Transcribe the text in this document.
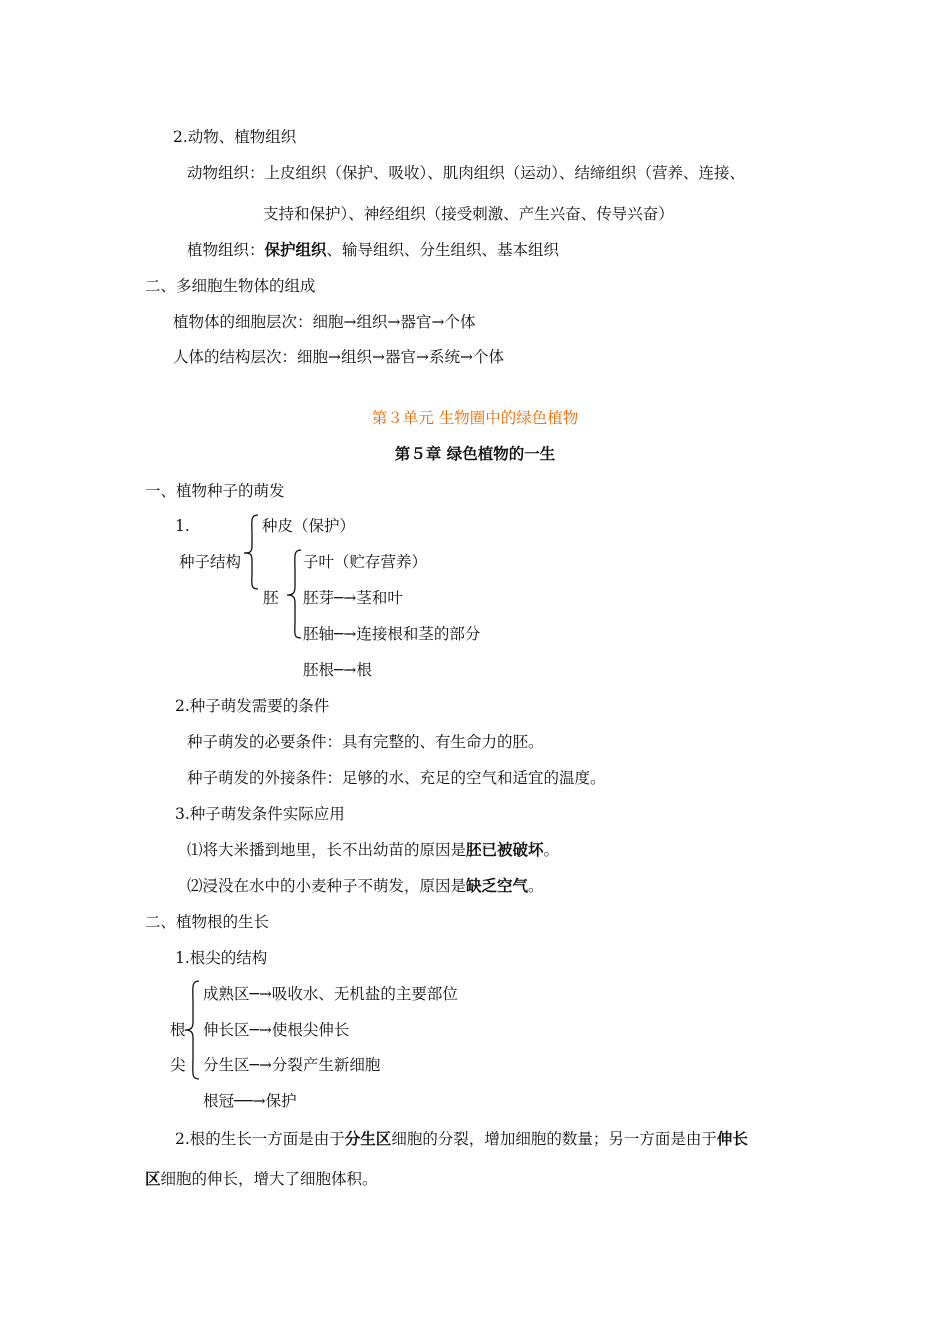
2.动物、植物组织
动物组织：上皮组织（保护、吸收）、肌肉组织（运动）、结缔组织（营养、连接、
支持和保护）、神经组织（接受刺激、产生兴奋、传导兴奋）
植物组织：保护组织、输导组织、分生组织、基本组织
二、多细胞生物体的组成
植物体的细胞层次：细胞→组织→器官→个体
人体的结构层次：细胞→组织→器官→系统→个体
第３单元 生物圈中的绿色植物
第５章 绿色植物的一生
一、植物种子的萌发
1.	种皮（保护）
种子结构	子叶（贮存营养）
胚 胚芽─→茎和叶
胚轴─→连接根和茎的部分
胚根─→根
2.种子萌发需要的条件
种子萌发的必要条件：具有完整的、有生命力的胚。
种子萌发的外接条件：足够的水、充足的空气和适宜的温度。
3.种子萌发条件实际应用
⑴将大米播到地里，长不出幼苗的原因是胚已被破坏。
⑵浸没在水中的小麦种子不萌发，原因是缺乏空气。
二、植物根的生长
1.根尖的结构
成熟区─→吸收水、无机盐的主要部位
根 伸长区─→使根尖伸长
尖 分生区─→分裂产生新细胞
根冠──→保护
2.根的生长一方面是由于分生区细胞的分裂，增加细胞的数量；另一方面是由于伸长
区细胞的伸长，增大了细胞体积。
